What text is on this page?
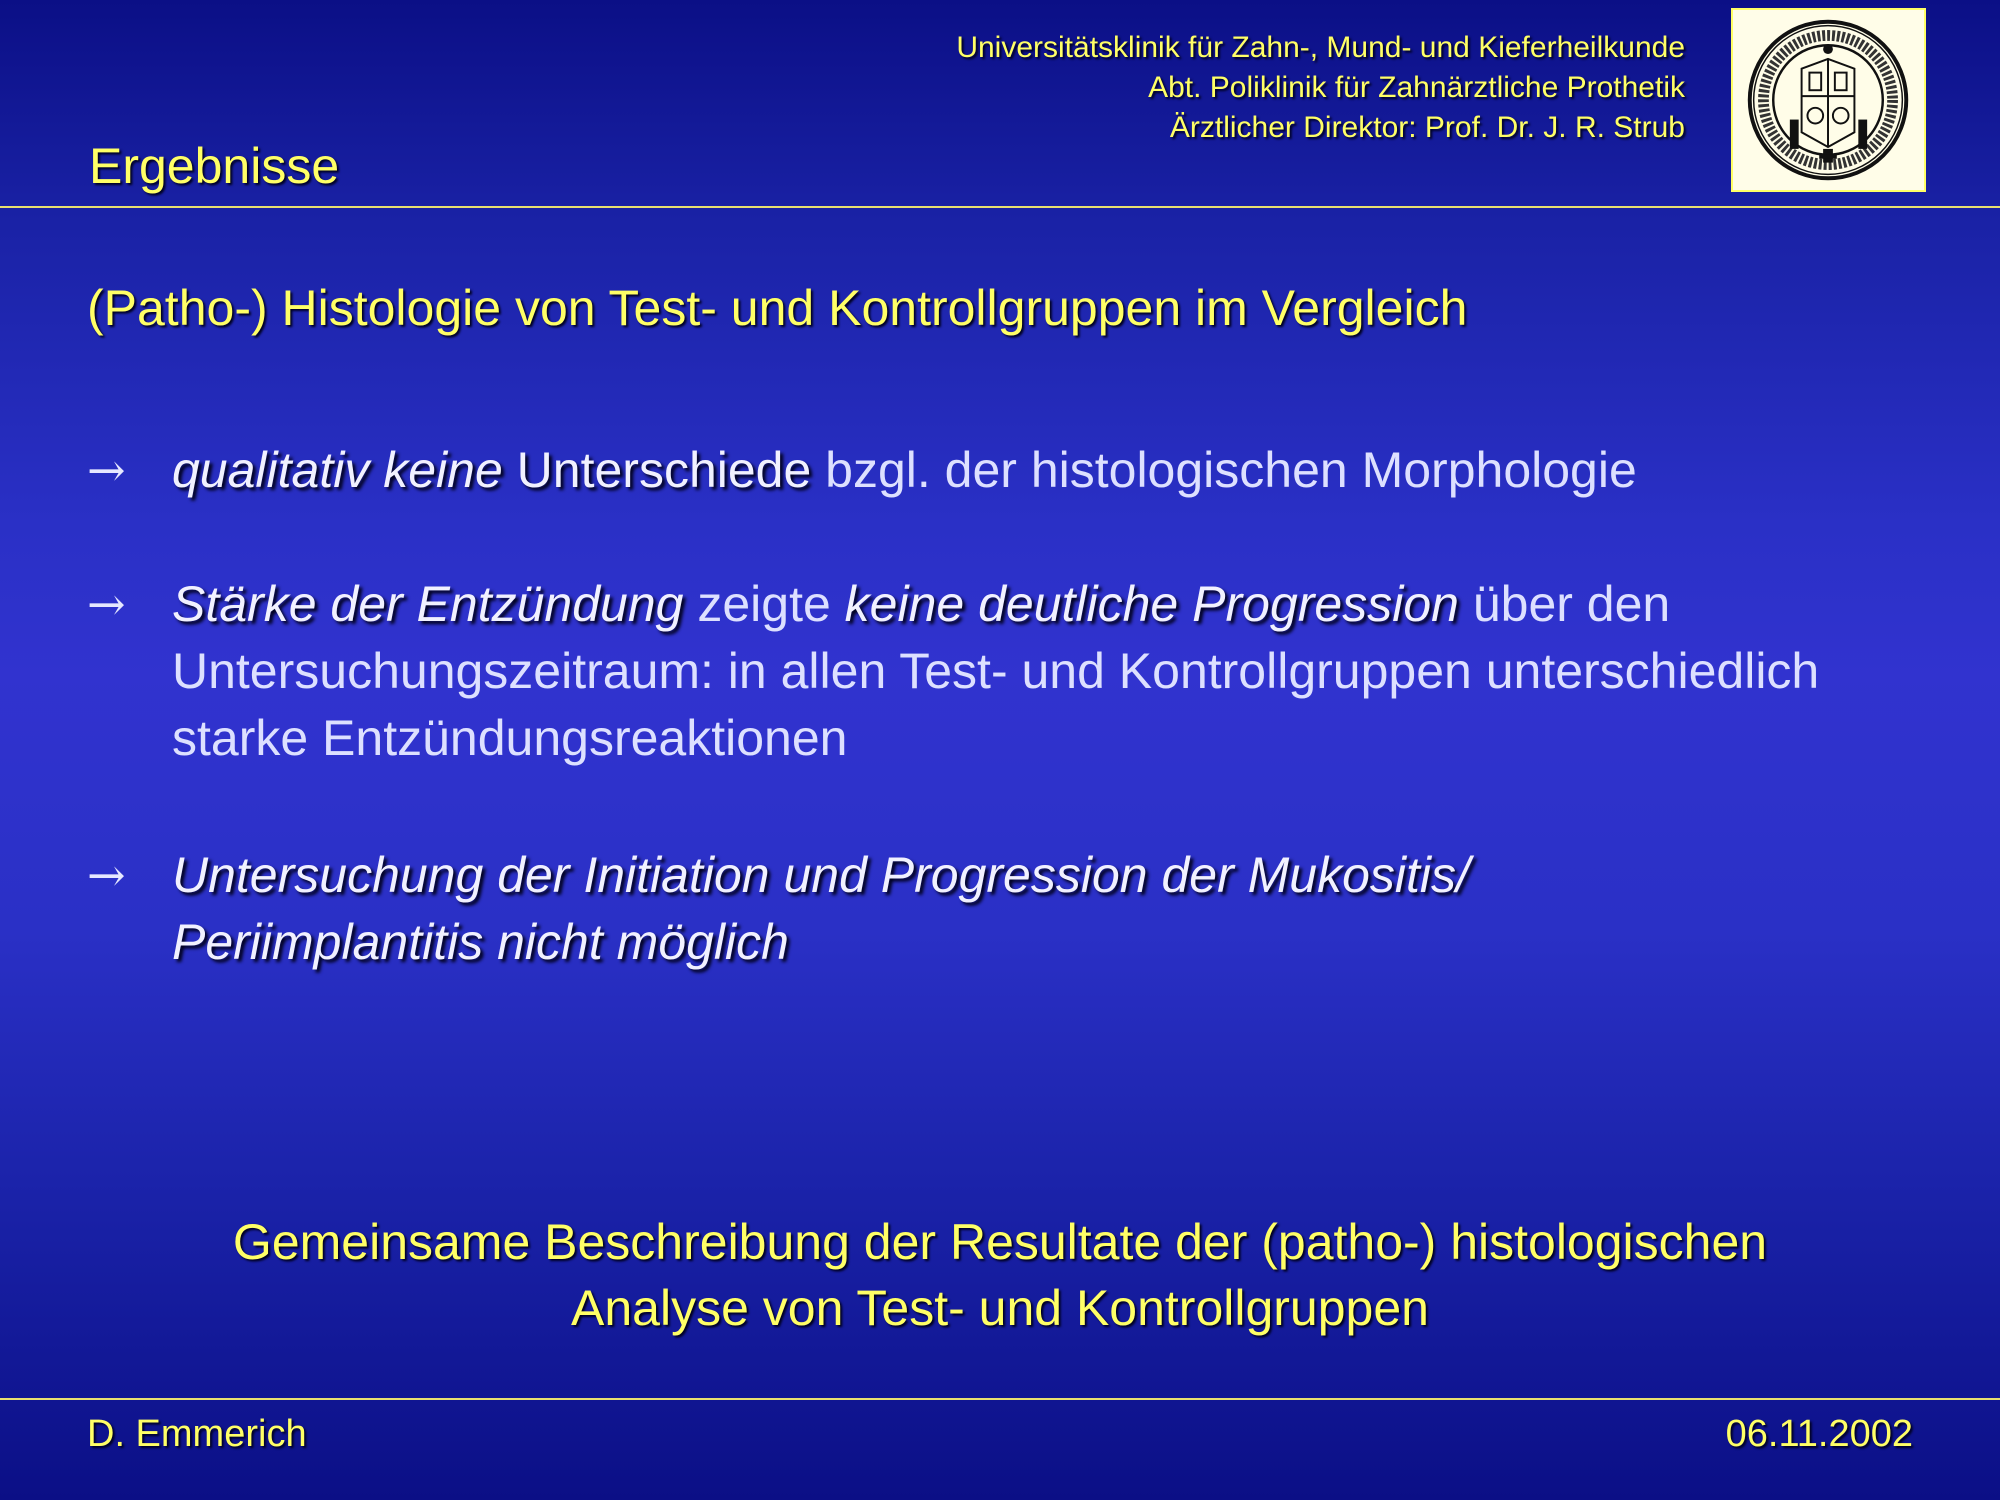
Universitätsklinik für Zahn-, Mund- und Kieferheilkunde
Abt. Poliklinik für Zahnärztliche Prothetik
Ärztlicher Direktor: Prof. Dr. J. R. Strub
Ergebnisse
(Patho-) Histologie von Test- und Kontrollgruppen im Vergleich
→ qualitativ keine Unterschiede bzgl. der histologischen Morphologie
→ Stärke der Entzündung zeigte keine deutliche Progression über den Untersuchungszeitraum: in allen Test- und Kontrollgruppen unterschiedlich starke Entzündungsreaktionen
→ Untersuchung der Initiation und Progression der Mukositis/
Periimplantitis nicht möglich
Gemeinsame Beschreibung der Resultate der (patho-) histologischen
Analyse von Test- und Kontrollgruppen
D. Emmerich	06.11.2002
